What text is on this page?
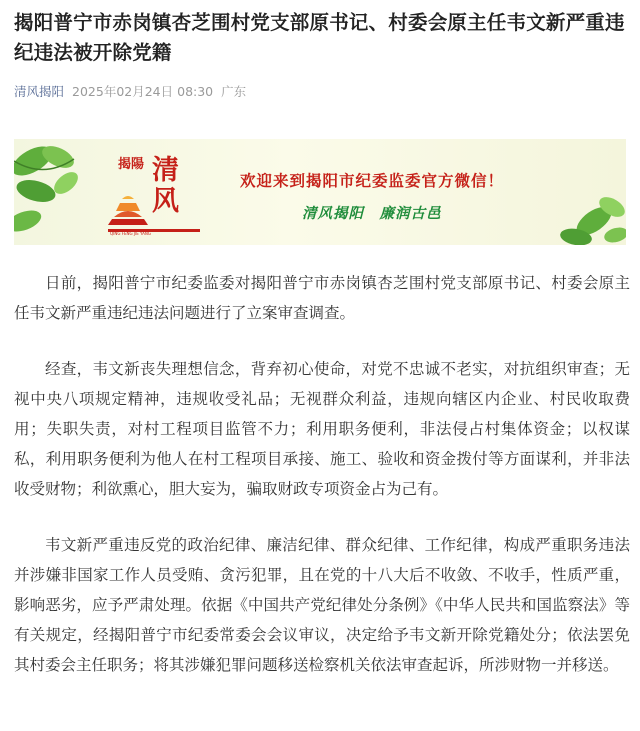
揭阳普宁市赤岗镇杏芝围村党支部原书记、村委会原主任韦文新严重违纪违法被开除党籍
清风揭阳 2025年02月24日 08:30 广东
揭陽 清风
QING FENG JIE YANG
欢迎来到揭阳市纪委监委官方微信！
清风揭阳　廉润古邑

日前，揭阳普宁市纪委监委对揭阳普宁市赤岗镇杏芝围村党支部原书记、村委会原主任韦文新严重违纪违法问题进行了立案审查调查。

经查，韦文新丧失理想信念，背弃初心使命，对党不忠诚不老实，对抗组织审查；无视中央八项规定精神，违规收受礼品；无视群众利益，违规向辖区内企业、村民收取费用；失职失责，对村工程项目监管不力；利用职务便利，非法侵占村集体资金；以权谋私，利用职务便利为他人在村工程项目承接、施工、验收和资金拨付等方面谋利，并非法收受财物；利欲熏心，胆大妄为，骗取财政专项资金占为己有。

韦文新严重违反党的政治纪律、廉洁纪律、群众纪律、工作纪律，构成严重职务违法并涉嫌非国家工作人员受贿、贪污犯罪，且在党的十八大后不收敛、不收手，性质严重，影响恶劣，应予严肃处理。依据《中国共产党纪律处分条例》《中华人民共和国监察法》等有关规定，经揭阳普宁市纪委常委会会议审议，决定给予韦文新开除党籍处分；依法罢免其村委会主任职务；将其涉嫌犯罪问题移送检察机关依法审查起诉，所涉财物一并移送。
